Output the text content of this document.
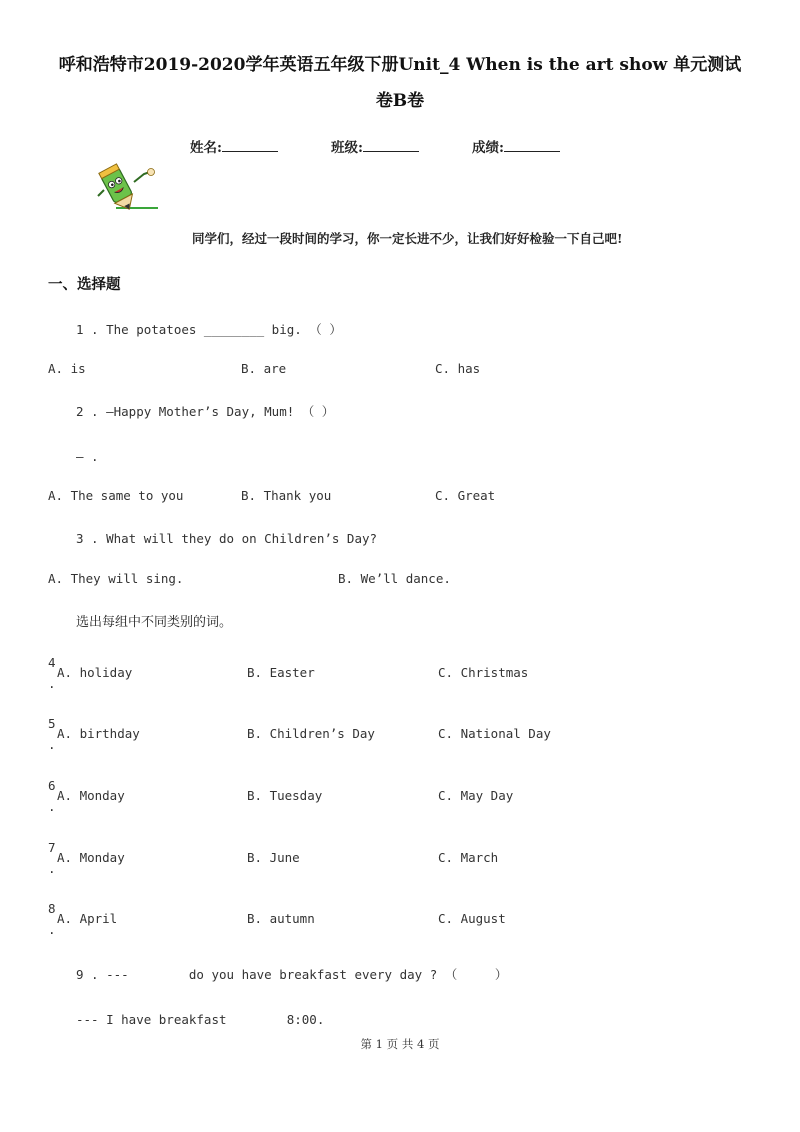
呼和浩特市2019-2020学年英语五年级下册Unit_4 When is the art show 单元测试
卷B卷
姓名:	班级:	成绩:
同学们，经过一段时间的学习，你一定长进不少，让我们好好检验一下自己吧!
一、选择题
1 . The potatoes ________ big. （ ）
A. is	B. are	C. has
2 . —Happy Mother’s Day, Mum! （ ）
— .
A. The same to you	B. Thank you	C. Great
3 . What will they do on Children’s Day?
A. They will sing.	B. We’ll dance.
选出每组中不同类别的词。
4
.
A. holiday	B. Easter	C. Christmas
5
.
A. birthday	B. Children’s Day	C. National Day
6
.
A. Monday	B. Tuesday	C. May Day
7
.
A. Monday	B. June	C. March
8
.
A. April	B. autumn	C. August
9 . ---        do you have breakfast every day ? （     ）
--- I have breakfast        8:00.
第 1 页 共 4 页
